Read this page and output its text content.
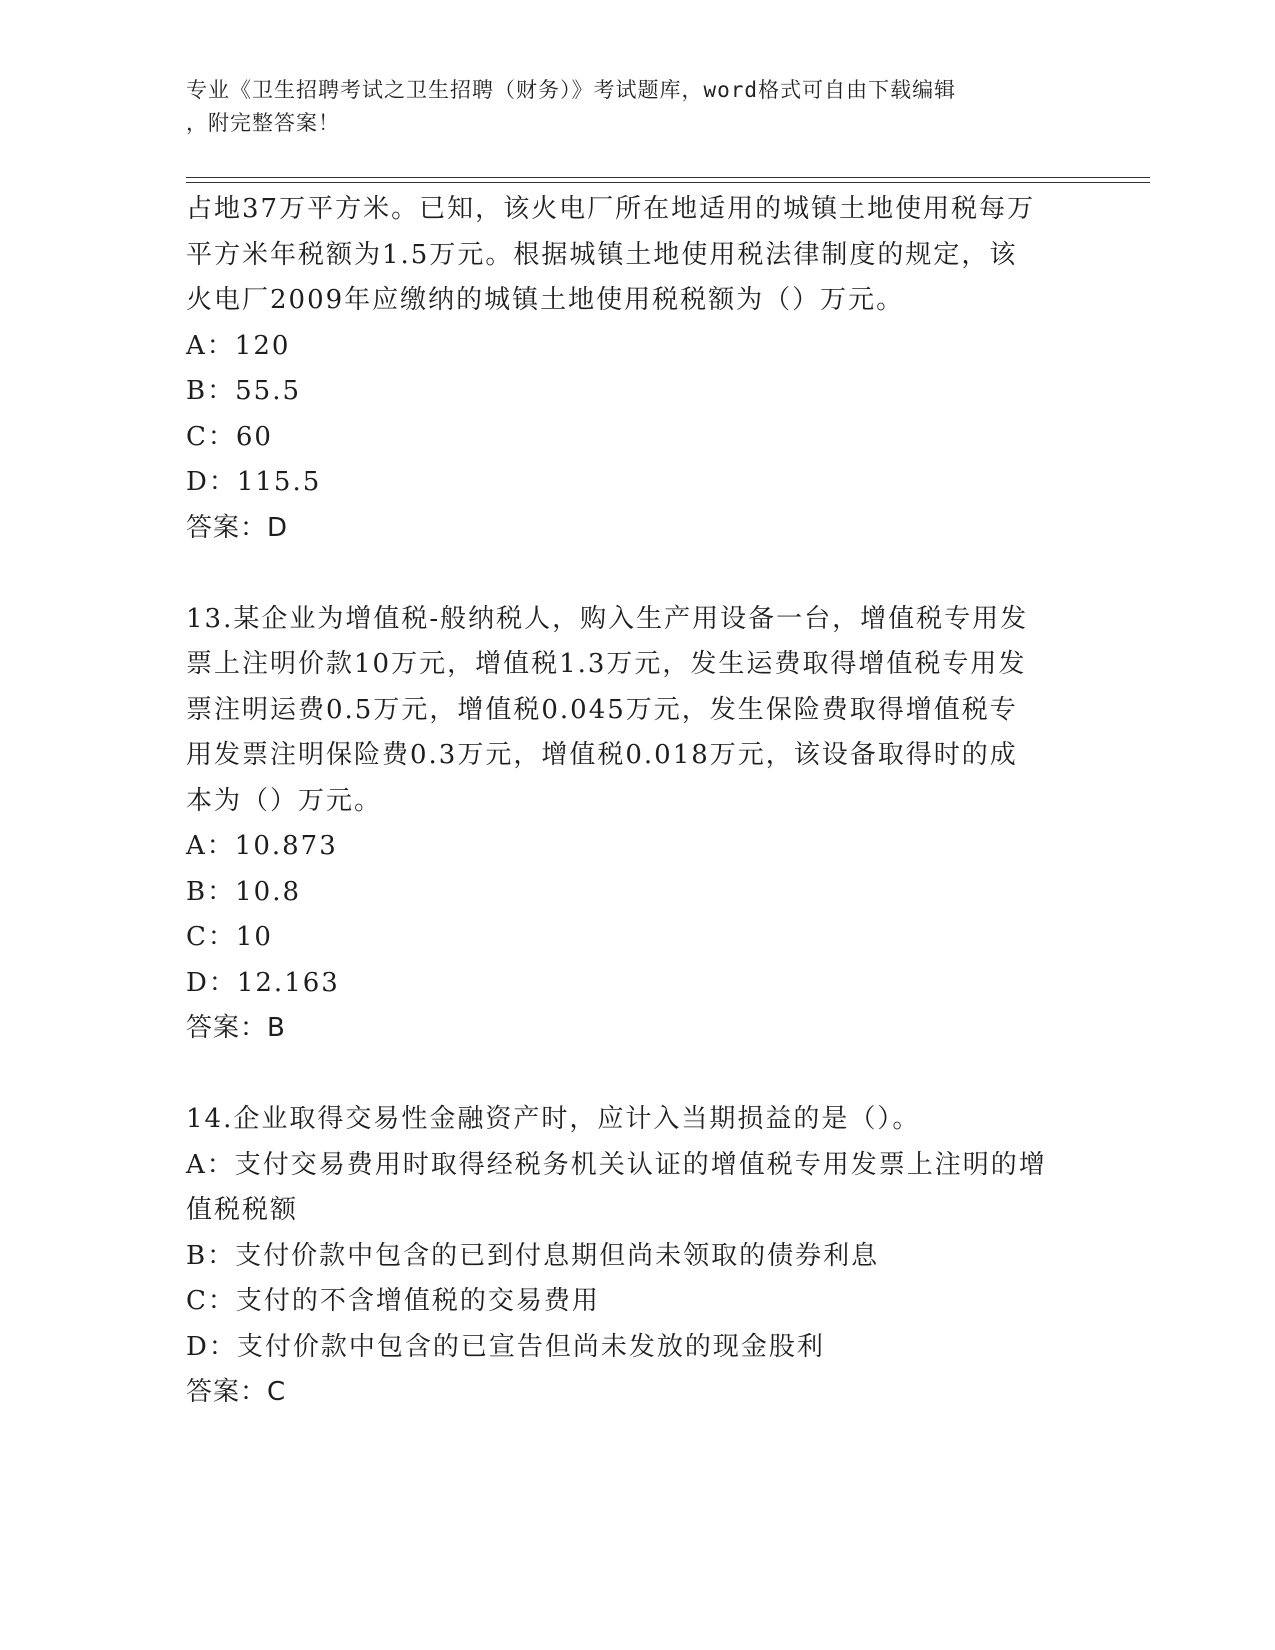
专业《卫生招聘考试之卫生招聘（财务）》考试题库，word格式可自由下载编辑
，附完整答案！
占地37万平方米。已知，该火电厂所在地适用的城镇土地使用税每万
平方米年税额为1.5万元。根据城镇土地使用税法律制度的规定，该
火电厂2009年应缴纳的城镇土地使用税税额为（）万元。
A：120
B：55.5
C：60
D：115.5
答案：D
13.某企业为增值税-般纳税人，购入生产用设备一台，增值税专用发
票上注明价款10万元，增值税1.3万元，发生运费取得增值税专用发
票注明运费0.5万元，增值税0.045万元，发生保险费取得增值税专
用发票注明保险费0.3万元，增值税0.018万元，该设备取得时的成
本为（）万元。
A：10.873
B：10.8
C：10
D：12.163
答案：B
14.企业取得交易性金融资产时，应计入当期损益的是（）。
A：支付交易费用时取得经税务机关认证的增值税专用发票上注明的增
值税税额
B：支付价款中包含的已到付息期但尚未领取的债券利息
C：支付的不含增值税的交易费用
D：支付价款中包含的已宣告但尚未发放的现金股利
答案：C
